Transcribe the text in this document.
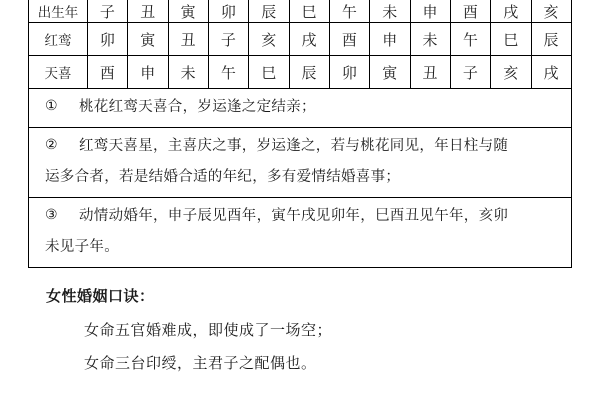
出生年	子	丑	寅	卯	辰	巳	午	未	申	酉	戌	亥
红鸾	卯	寅	丑	子	亥	戌	酉	申	未	午	巳	辰
天喜	酉	申	未	午	巳	辰	卯	寅	丑	子	亥	戌
①	桃花红鸾天喜合，岁运逢之定结亲；
②	红鸾天喜星，主喜庆之事，岁运逢之，若与桃花同见，年日柱与随
运多合者，若是结婚合适的年纪，多有爱情结婚喜事；
③	动情动婚年，申子辰见酉年，寅午戌见卯年，巳酉丑见午年，亥卯
未见子年。
女性婚姻口诀：
女命五官婚难成，即使成了一场空；
女命三台印绶，主君子之配偶也。
